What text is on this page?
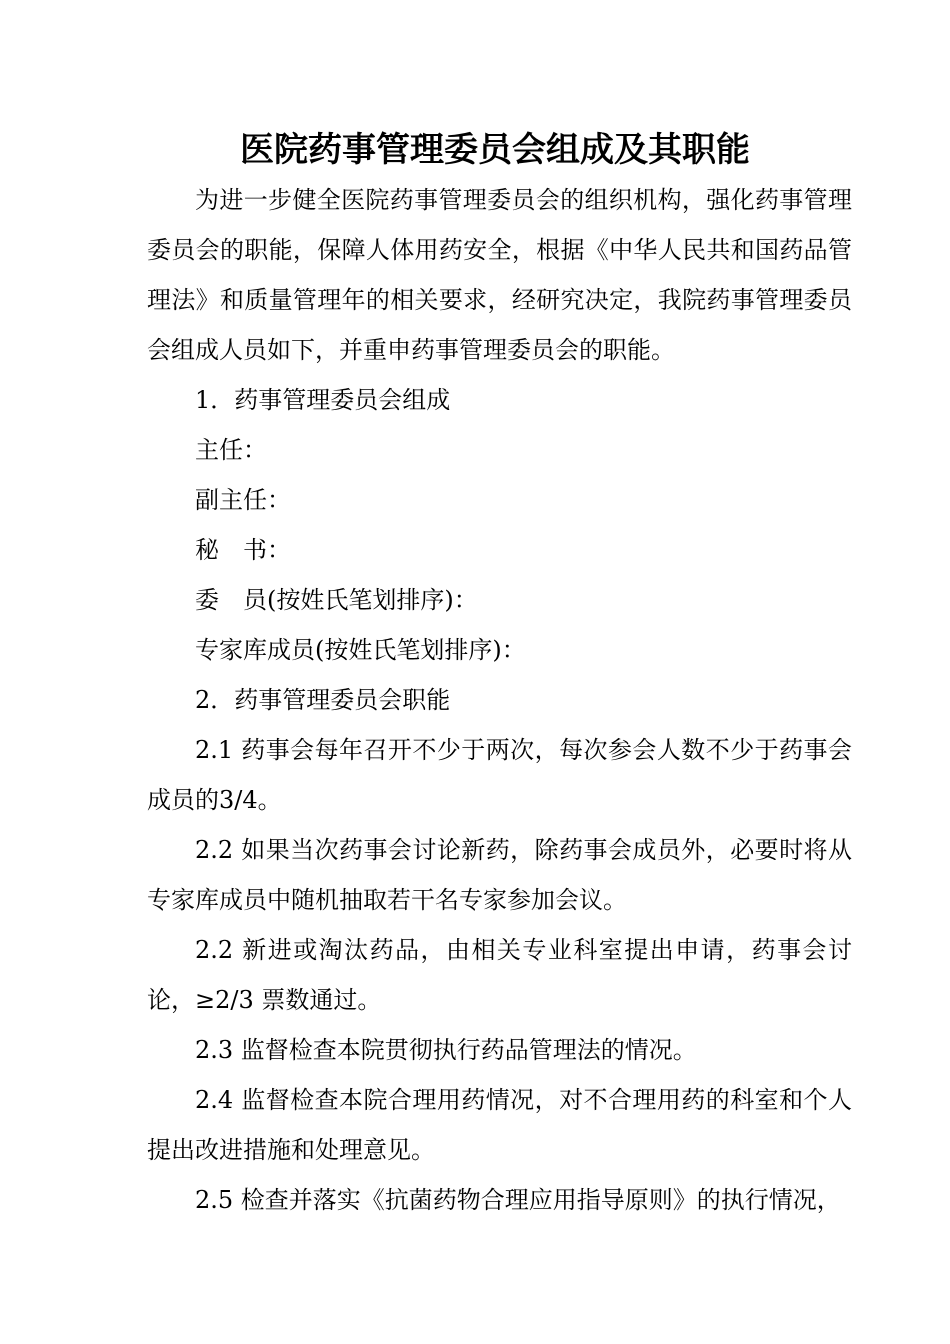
医院药事管理委员会组成及其职能

为进一步健全医院药事管理委员会的组织机构，强化药事管理委员会的职能，保障人体用药安全，根据《中华人民共和国药品管理法》和质量管理年的相关要求，经研究决定，我院药事管理委员会组成人员如下，并重申药事管理委员会的职能。

1．药事管理委员会组成

主任：

副主任：

秘 书：

委 员(按姓氏笔划排序)：

专家库成员(按姓氏笔划排序)：

2．药事管理委员会职能

2.1 药事会每年召开不少于两次，每次参会人数不少于药事会成员的3/4。

2.2 如果当次药事会讨论新药，除药事会成员外，必要时将从专家库成员中随机抽取若干名专家参加会议。

2.2 新进或淘汰药品，由相关专业科室提出申请，药事会讨论，≥2/3 票数通过。

2.3 监督检查本院贯彻执行药品管理法的情况。

2.4 监督检查本院合理用药情况，对不合理用药的科室和个人提出改进措施和处理意见。

2.5 检查并落实《抗菌药物合理应用指导原则》的执行情况，
